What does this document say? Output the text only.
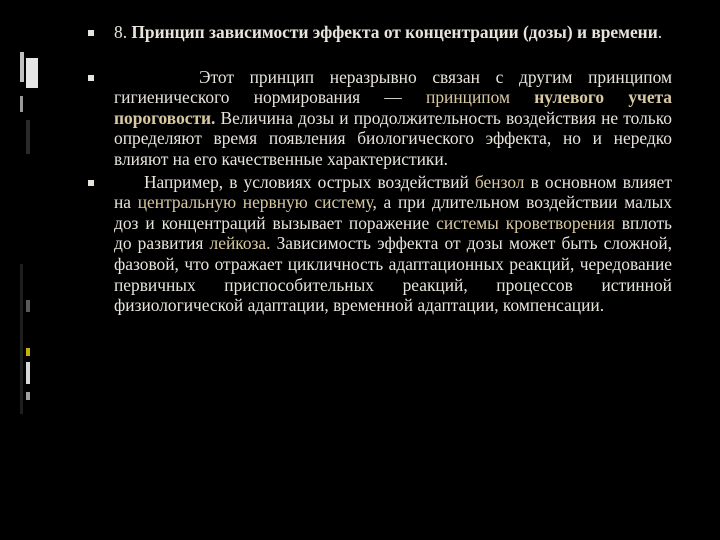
8. Принцип зависимости эффекта от концентрации (дозы) и времени.
Этот принцип неразрывно связан с другим принципом гигиенического нормирования — принципом нулевого учета пороговости. Величина дозы и продолжительность воздействия не только определяют время появления биологического эффекта, но и нередко влияют на его качественные характеристики.
Например, в условиях острых воздействий бензол в основном влияет на центральную нервную систему, а при длительном воздействии малых доз и концентраций вызывает поражение системы кроветворения вплоть до развития лейкоза. Зависимость эффекта от дозы может быть сложной, фазовой, что отражает цикличность адаптационных реакций, чередование первичных приспособительных реакций, процессов истинной физиологической адаптации, временной адаптации, компенсации.
